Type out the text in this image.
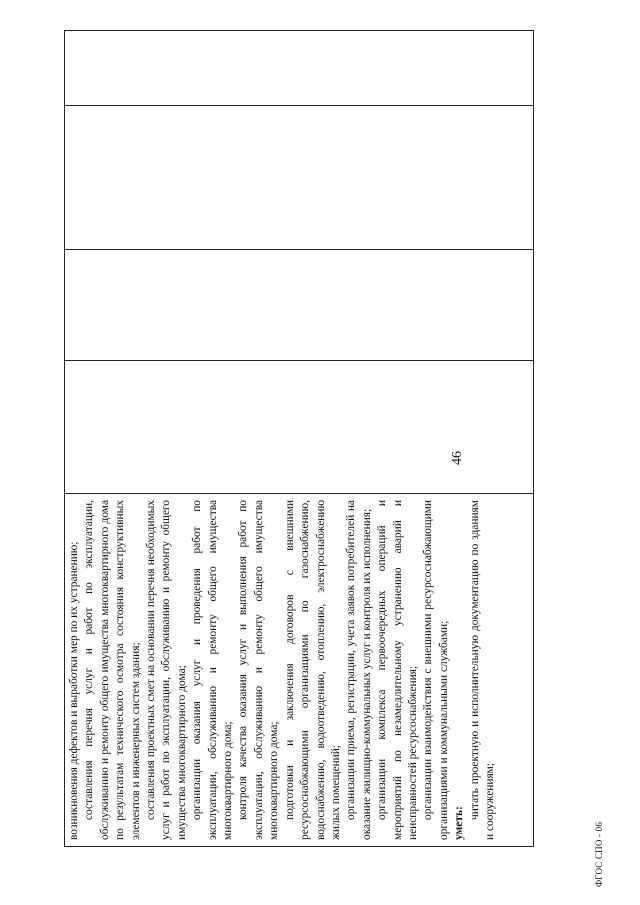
46

возникновения дефектов и выработки мер по их устранению; составления перечня услуг и работ по эксплуатации, обслуживанию и ремонту общего имущества многоквартирного дома по результатам технического осмотра состояния конструктивных элементов и инженерных систем здания; составления проектных смет на основании перечня необходимых услуг и работ по эксплуатации, обслуживанию и ремонту общего имущества многоквартирного дома; организации оказания услуг и проведения работ по эксплуатации, обслуживанию и ремонту общего имущества многоквартирного дома; контроля качества оказания услуг и выполнения работ по эксплуатации, обслуживанию и ремонту общего имущества многоквартирного дома; подготовки и заключения договоров с внешними ресурсоснабжающими организациями по газоснабжению, водоснабжению, водоотведению, отоплению, электроснабжению жилых помещений; организации приема, регистрации, учета заявок потребителей на оказание жилищно-коммунальных услуг и контроля их исполнения; организации комплекса первоочередных операций и мероприятий по незамедлительному устранению аварий и неисправностей ресурсоснабжения; организации взаимодействия с внешними ресурсоснабжающими организациями и коммунальными службами; уметь:

читать проектную и исполнительную документацию по зданиям и сооружениям;

ФГОС СПО - 06
